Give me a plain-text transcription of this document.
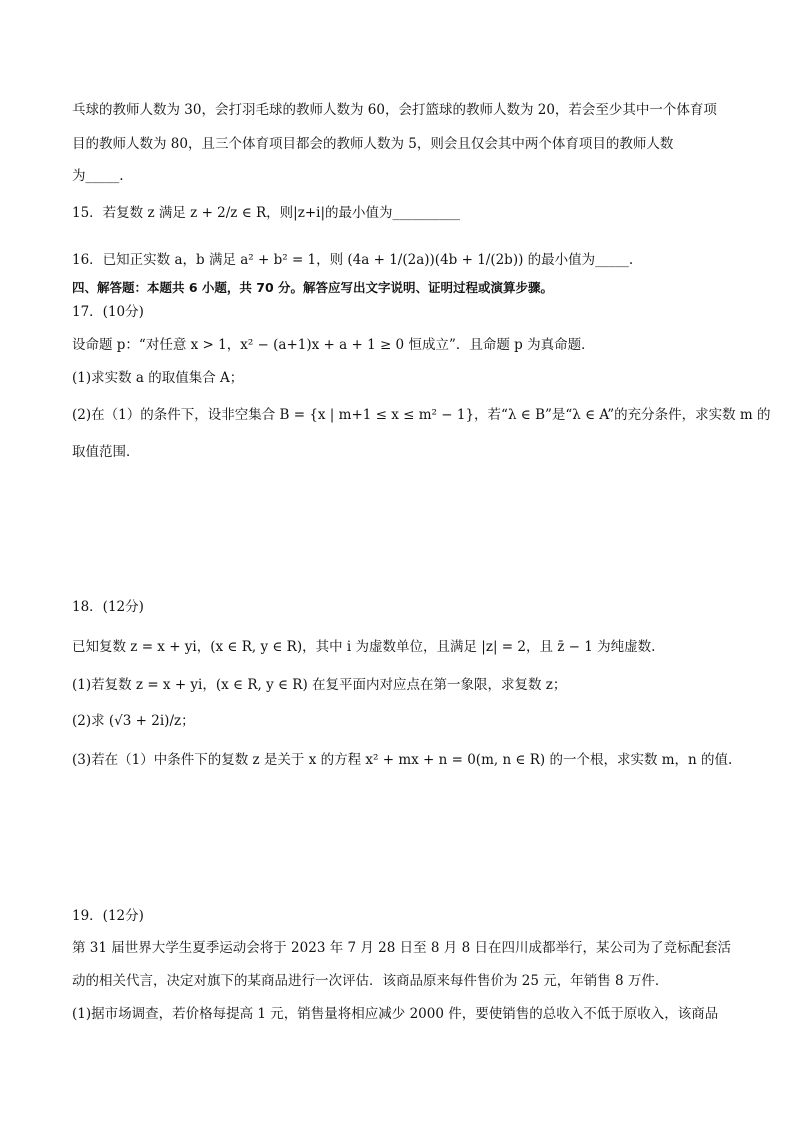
乓球的教师人数为 30，会打羽毛球的教师人数为 60，会打篮球的教师人数为 20，若会至少其中一个体育项
目的教师人数为 80，且三个体育项目都会的教师人数为 5，则会且仅会其中两个体育项目的教师人数
为_____.
15．若复数 z 满足 z + 2/z ∈ R，则|z+i|的最小值为__________
16．已知正实数 a，b 满足 a² + b² = 1，则 (4a + 1/(2a))(4b + 1/(2b)) 的最小值为_____.
四、解答题：本题共 6 小题，共 70 分。解答应写出文字说明、证明过程或演算步骤。
17．(10分)
设命题 p：“对任意 x > 1，x² − (a+1)x + a + 1 ≥ 0 恒成立”．且命题 p 为真命题．
(1)求实数 a 的取值集合 A；
(2)在（1）的条件下，设非空集合 B = {x | m+1 ≤ x ≤ m² − 1}，若“λ ∈ B”是“λ ∈ A”的充分条件，求实数 m 的
取值范围．
18．(12分)
已知复数 z = x + yi，(x ∈ R, y ∈ R)，其中 i 为虚数单位，且满足 |z| = 2，且 z̄ − 1 为纯虚数.
(1)若复数 z = x + yi，(x ∈ R, y ∈ R) 在复平面内对应点在第一象限，求复数 z；
(2)求 (√3 + 2i)/z；
(3)若在（1）中条件下的复数 z 是关于 x 的方程 x² + mx + n = 0(m, n ∈ R) 的一个根，求实数 m，n 的值.
19．(12分)
第 31 届世界大学生夏季运动会将于 2023 年 7 月 28 日至 8 月 8 日在四川成都举行，某公司为了竞标配套活
动的相关代言，决定对旗下的某商品进行一次评估．该商品原来每件售价为 25 元，年销售 8 万件．
(1)据市场调查，若价格每提高 1 元，销售量将相应减少 2000 件，要使销售的总收入不低于原收入，该商品
